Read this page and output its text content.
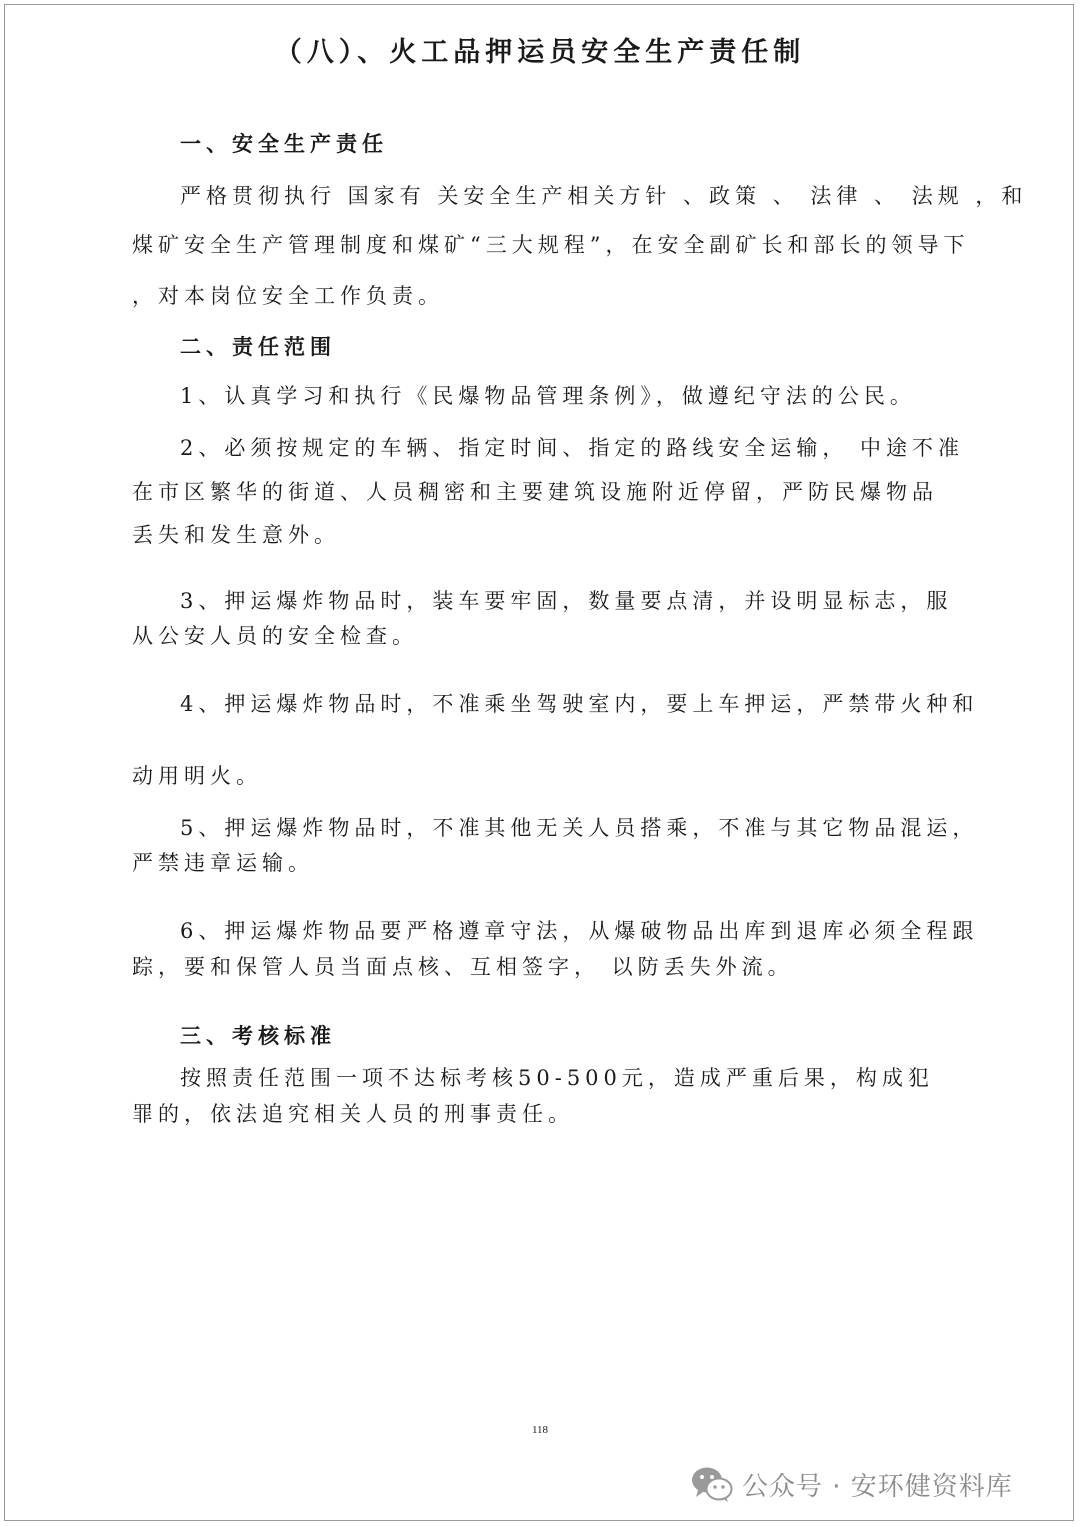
（八）、火工品押运员安全生产责任制
一、安全生产责任
严格贯彻执行 国家有 关安全生产相关方针 、政策 、 法律 、 法规 ，和
煤矿安全生产管理制度和煤矿“三大规程”，在安全副矿长和部长的领导下
，对本岗位安全工作负责。
二、责任范围
1、认真学习和执行《民爆物品管理条例》，做遵纪守法的公民。
2、必须按规定的车辆、指定时间、指定的路线安全运输， 中途不准
在市区繁华的街道、人员稠密和主要建筑设施附近停留，严防民爆物品
丢失和发生意外。
3、押运爆炸物品时，装车要牢固，数量要点清，并设明显标志，服
从公安人员的安全检查。
4、押运爆炸物品时，不准乘坐驾驶室内，要上车押运，严禁带火种和
动用明火。
5、押运爆炸物品时，不准其他无关人员搭乘，不准与其它物品混运，
严禁违章运输。
6、押运爆炸物品要严格遵章守法，从爆破物品出库到退库必须全程跟
踪，要和保管人员当面点核、互相签字， 以防丢失外流。
三、考核标准
按照责任范围一项不达标考核50-500元，造成严重后果，构成犯
罪的，依法追究相关人员的刑事责任。
118
公众号 · 安环健资料库
